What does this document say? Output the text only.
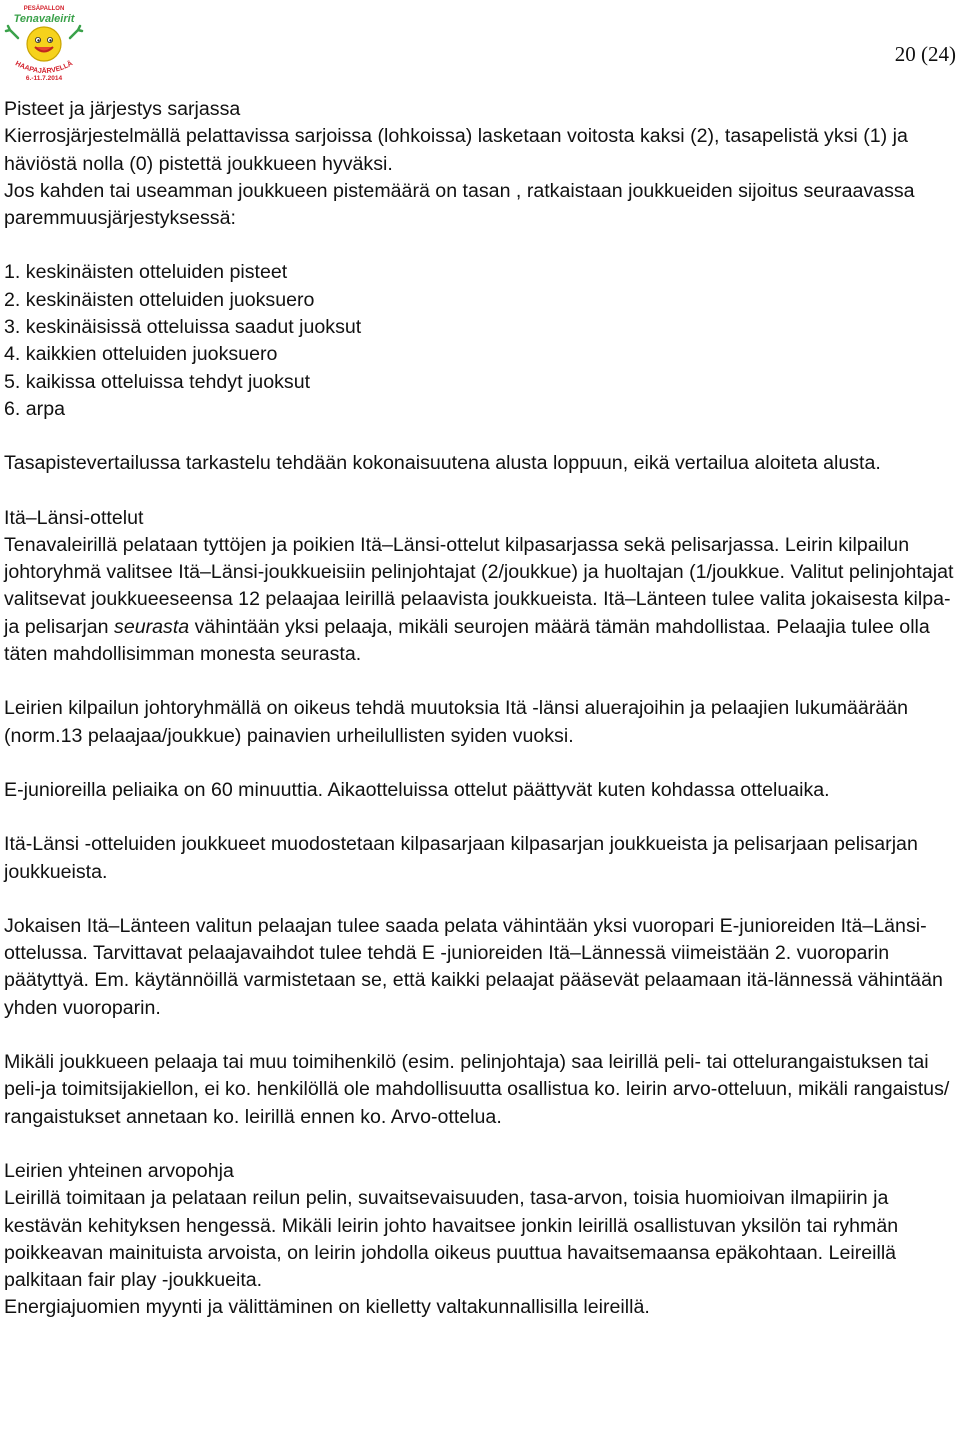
PESÄPALLON
Tenavaleirit
HAAPAJÄRVELLÄ
6.-11.7.2014
20 (24)

Pisteet ja järjestys sarjassa

Kierrosjärjestelmällä pelattavissa sarjoissa (lohkoissa) lasketaan voitosta kaksi (2), tasapelistä yksi (1) ja häviöstä nolla (0) pistettä joukkueen hyväksi.

Jos kahden tai useamman joukkueen pistemäärä on tasan , ratkaistaan joukkueiden sijoitus seuraavassa paremmuusjärjestyksessä:

1. keskinäisten otteluiden pisteet

2. keskinäisten otteluiden juoksuero

3. keskinäisissä otteluissa saadut juoksut

4. kaikkien otteluiden juoksuero

5. kaikissa otteluissa tehdyt juoksut

6. arpa

Tasapistevertailussa tarkastelu tehdään kokonaisuutena alusta loppuun, eikä vertailua aloiteta alusta.

Itä–Länsi-ottelut

Tenavaleirillä pelataan tyttöjen ja poikien Itä–Länsi-ottelut kilpasarjassa sekä pelisarjassa. Leirin kilpailun johtoryhmä valitsee Itä–Länsi-joukkueisiin pelinjohtajat (2/joukkue) ja huoltajan (1/joukkue. Valitut pelinjohtajat valitsevat joukkueeseensa 12 pelaajaa leirillä pelaavista joukkueista. Itä–Länteen tulee valita jokaisesta kilpa- ja pelisarjan seurasta vähintään yksi pelaaja, mikäli seurojen määrä tämän mahdollistaa. Pelaajia tulee olla täten mahdollisimman monesta seurasta.

Leirien kilpailun johtoryhmällä on oikeus tehdä muutoksia Itä -länsi aluerajoihin ja pelaajien lukumäärään (norm.13 pelaajaa/joukkue) painavien urheilullisten syiden vuoksi.

E-junioreilla peliaika on 60 minuuttia. Aikaotteluissa ottelut päättyvät kuten kohdassa otteluaika.

Itä-Länsi -otteluiden joukkueet muodostetaan kilpasarjaan kilpasarjan joukkueista ja pelisarjaan pelisarjan joukkueista.

Jokaisen Itä–Länteen valitun pelaajan tulee saada pelata vähintään yksi vuoropari E-junioreiden Itä–Länsi-ottelussa. Tarvittavat pelaajavaihdot tulee tehdä E -junioreiden Itä–Lännessä viimeistään 2. vuoroparin päätyttyä. Em. käytännöillä varmistetaan se, että kaikki pelaajat pääsevät pelaamaan itä-lännessä vähintään yhden vuoroparin.

Mikäli joukkueen pelaaja tai muu toimihenkilö (esim. pelinjohtaja) saa leirillä peli- tai ottelurangaistuksen tai peli-ja toimitsijakiellon, ei ko. henkilöllä ole mahdollisuutta osallistua ko. leirin arvo-otteluun, mikäli rangaistus/ rangaistukset annetaan ko. leirillä ennen ko. Arvo-ottelua.

Leirien yhteinen arvopohja

Leirillä toimitaan ja pelataan reilun pelin, suvaitsevaisuuden, tasa-arvon, toisia huomioivan ilmapiirin ja kestävän kehityksen hengessä. Mikäli leirin johto havaitsee jonkin leirillä osallistuvan yksilön tai ryhmän poikkeavan mainituista arvoista, on leirin johdolla oikeus puuttua havaitsemaansa epäkohtaan. Leireillä palkitaan fair play -joukkueita.

Energiajuomien myynti ja välittäminen on kielletty valtakunnallisilla leireillä.
